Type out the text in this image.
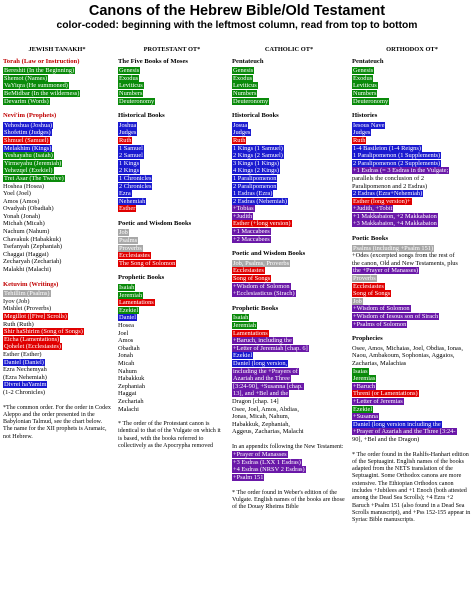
Canons of the Hebrew Bible/Old Testament
color-coded: beginning with the leftmost column, read from top to bottom
JEWISH TANAKH*
Torah (Law or Instruction)
Bereshit (In the Beginning)
Shemot (Names)
VaYiqra (He summoned)
BeMidbar (In the wilderness)
Devarim (Words)
Nevi'im (Prophets)
Yehoshua (Joshua)
Shofetim (Judges)
Shmuel (Samuel)
Melakhim (Kings)
Yeshayahu (Isaiah)
Yirmeyahu (Jeremiah)
Yehezqel (Ezekiel)
Trei Asar (The Twelve)
Hoshea (Hosea)
Yoel (Joel)
Amos (Amos)
Ovadyah (Obadiah)
Yonah (Jonah)
Michah (Micah)
Nachum (Nahum)
Chavakuk (Habakkuk)
Tsefanyah (Zephaniah)
Chaggai (Haggai)
Zecharyah (Zechariah)
Malakhi (Malachi)
Ketuvim (Writings)
Tehillim (Psalms)
Iyov (Job)
Mishlei (Proverbs)
Megillot ([Five] Scrolls)
Ruth (Ruth)
Shir haShirim (Song of Songs)
Eicha (Lamentations)
Qohelet (Ecclesiastes)
Esther (Esther)
Daniel (Daniel)
Ezra Nechemyah
(Ezra Nehemiah)
Divrei haYamim
(1-2 Chronicles)
*The common order. For the order in Codex Aleppo and the order presented in the Babylonian Talmud, see the chart below. The name for the XII prophets is Aramaic, not Hebrew.
PROTESTANT OT*
The Five Books of Moses
Genesis
Exodus
Leviticus
Numbers
Deuteronomy
Historical Books
Joshua
Judges
Ruth
1 Samuel
2 Samuel
1 Kings
2 Kings
1 Chronicles
2 Chronicles
Ezra
Nehemiah
Esther
Poetic and Wisdom Books
Job
Psalms
Proverbs
Ecclesiastes
The Song of Solomon
Prophetic Books
Isaiah
Jeremiah
Lamentations
Ezekiel
Daniel
Hosea
Joel
Amos
Obadiah
Jonah
Micah
Nahum
Habakkuk
Zephaniah
Haggai
Zechariah
Malachi
* The order of the Protestant canon is identical to that of the Vulgate on which it is based, with the books referred to collectively as the Apocrypha removed
CATHOLIC OT*
Pentateuch
Genesis
Exodus
Leviticus
Numbers
Deuteronomy
Historical Books
Josua
Judges
Ruth
1 Kings (1 Samuel)
2 Kings (2 Samuel)
3 Kings (1 Kings)
4 Kings (2 Kings)
1 Paralipomenon
2 Paralipomenon
1 Esdras (Ezra)
2 Esdras (Nehemiah)
+Tobias
+Judith
Esther (+long version)
+1 Maccabees
+2 Maccabees
Poetic and Wisdom Books
Job, Psalms, Proverbs
Ecclesiastes
Song of Songs
+Wisdom of Solomon
+Ecclesiasticus (Sirach)
Prophetic Books
Isaiah
Jeremiah
Lamentations
+Baruch, including the
+Letter of Jeremiah [chap. 6]
Ezekiel
Daniel (long version,
including the +Prayers of
Azariah and the Three
[3:24-90], +Susanna [chap.
13], and +Bel and the
Dragon [chap. 14]
Osee, Joel, Amos, Abdias,
Jonas, Micah, Nahum,
Habakkuk, Zephaniah,
Aggeus, Zacharias, Malachi
In an appendix following the New Testament:
+Prayer of Manasses
+3 Esdras (LXX 1 Esdras)
+4 Esdras (NRSV 2 Esdras)
+Psalm 151
* The order found in Weber's edition of the Vulgate. English names of the books are those of the Douay Rheims Bible
ORTHODOX OT*
Pentateuch
Genesis
Exodus
Leviticus
Numbers
Deuteronomy
Histories
Iesous Nave
Judges
Ruth
1-4 Basileion (1-4 Reigns)
1 Paralipomenon (1 Supplements)
2 Paralipomenon (2 Supplements)
+1 Esdras (= 3 Esdras in the Vulgate;
parallels the conclusion of 2
Paralipomenon and 2 Esdras)
2 Esdras (Ezra+Nehemiah)
Esther (long version)+
+Judith, +Tobit
+1 Makkabaion, +2 Makkabaion
+3 Makkabaion, +4 Makkabaion
Poetic Books
Psalms (including +Psalm 151)
+Odes (excerpted songs from the rest of
the canon, Old and New Testaments, plus
the +Prayer of Manasses)
Proverbs
Ecclesiastes
Song of Songs
Job
+Wisdom of Solomon
+Wisdom of Iesous son of Sirach
+Psalms of Solomon
Prophecies
Osee, Amos, Michaias, Joel, Obdias, Ionas,
Naou, Ambakoum, Sophonias, Aggaios,
Zacharias, Malachias
Isaias
Jeremias
+Baruch
Threni (or Lamentations)
+Letter of Jeremias
Ezekiel
+Susanna
Daniel (long version including the
+Prayer of Azariah and the Three [3:24-
90], +Bel and the Dragon)
* The order found in the Rahlfs-Hanhart edition of the Septuagint. English names of the books adapted from the NETS translation of the Septuagint. Some Orthodox canons are more extensive. The Ethiopian Orthodox canon includes +Jubilees and +1 Enoch (both attested among the Dead Sea Scrolls); +4 Ezra +2 Baruch +Psalm 151 (also found in a Dead Sea Scrolls manuscript), and +Pss 152-155 appear in Syriac Bible manuscripts.
